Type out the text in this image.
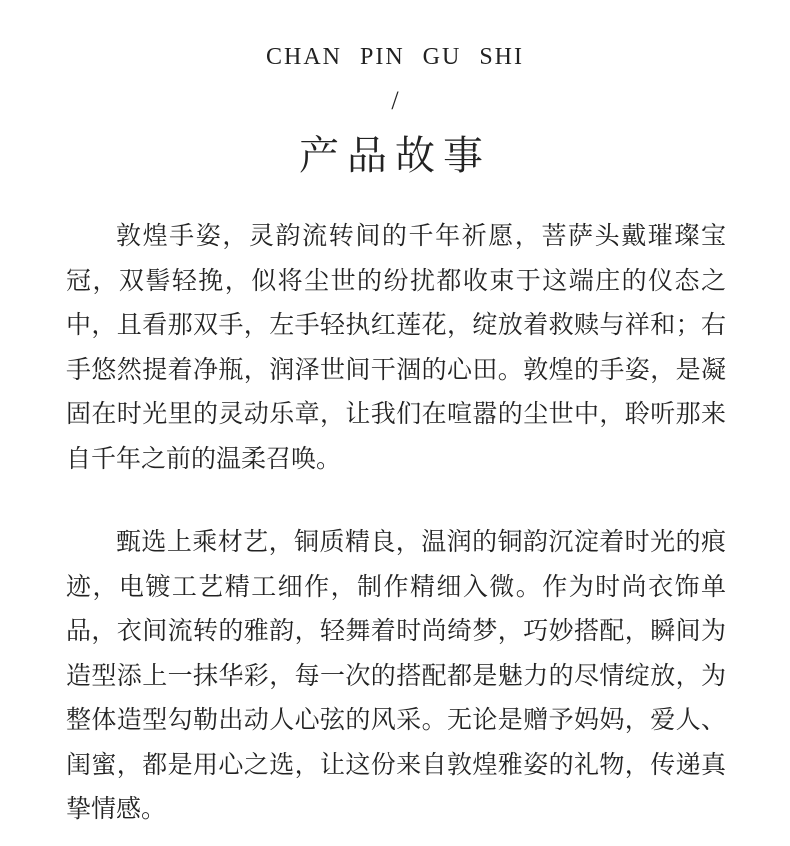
CHAN PIN GU SHI
/
产品故事

敦煌手姿，灵韵流转间的千年祈愿，菩萨头戴璀璨宝冠，双髻轻挽，似将尘世的纷扰都收束于这端庄的仪态之中，且看那双手，左手轻执红莲花，绽放着救赎与祥和；右手悠然提着净瓶，润泽世间干涸的心田。敦煌的手姿，是凝固在时光里的灵动乐章，让我们在喧嚣的尘世中，聆听那来自千年之前的温柔召唤。

甄选上乘材艺，铜质精良，温润的铜韵沉淀着时光的痕迹，电镀工艺精工细作，制作精细入微。作为时尚衣饰单品，衣间流转的雅韵，轻舞着时尚绮梦，巧妙搭配，瞬间为造型添上一抹华彩，每一次的搭配都是魅力的尽情绽放，为整体造型勾勒出动人心弦的风采。无论是赠予妈妈，爱人、闺蜜，都是用心之选，让这份来自敦煌雅姿的礼物，传递真挚情感。
